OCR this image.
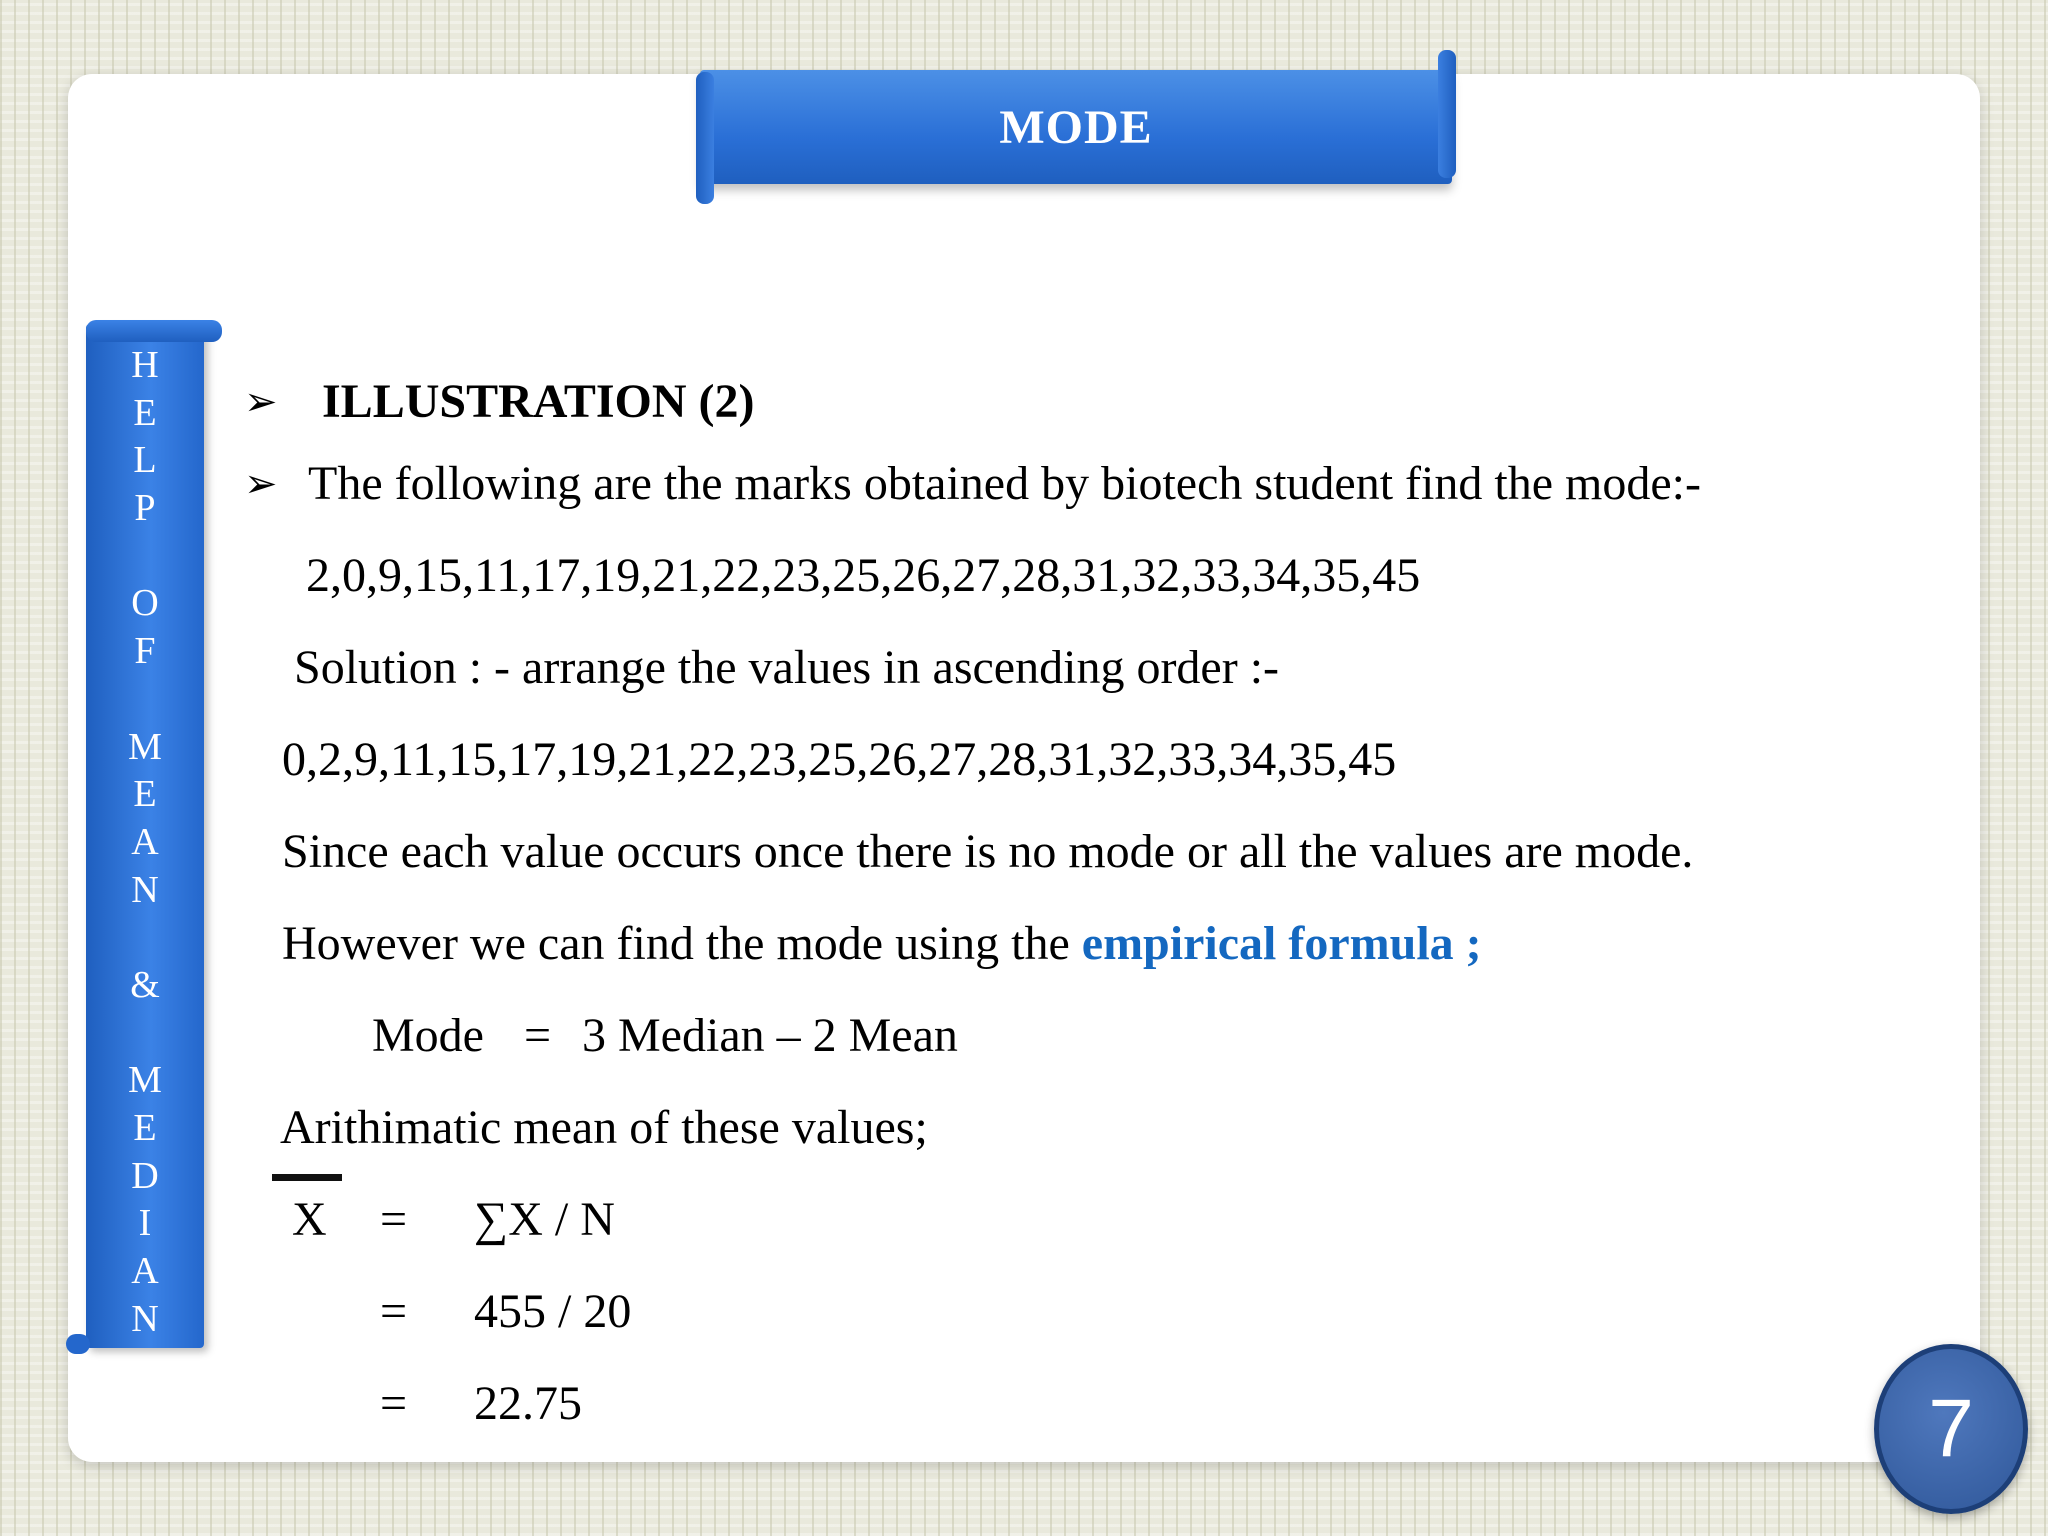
MODE
H
E
L
P
O
F
M
E
A
N
&
M
E
D
I
A
N
➢ ILLUSTRATION (2)
➢ The following are the marks obtained by biotech student find the mode:-
2,0,9,15,11,17,19,21,22,23,25,26,27,28,31,32,33,34,35,45
Solution : - arrange the values in ascending order :-
0,2,9,11,15,17,19,21,22,23,25,26,27,28,31,32,33,34,35,45
Since each value occurs once there is no mode or all the values are mode.
However we can find the mode using the empirical formula ;
Mode = 3 Median – 2 Mean
Arithimatic mean of these values;
X = ∑X / N
= 455 / 20
= 22.75	7
